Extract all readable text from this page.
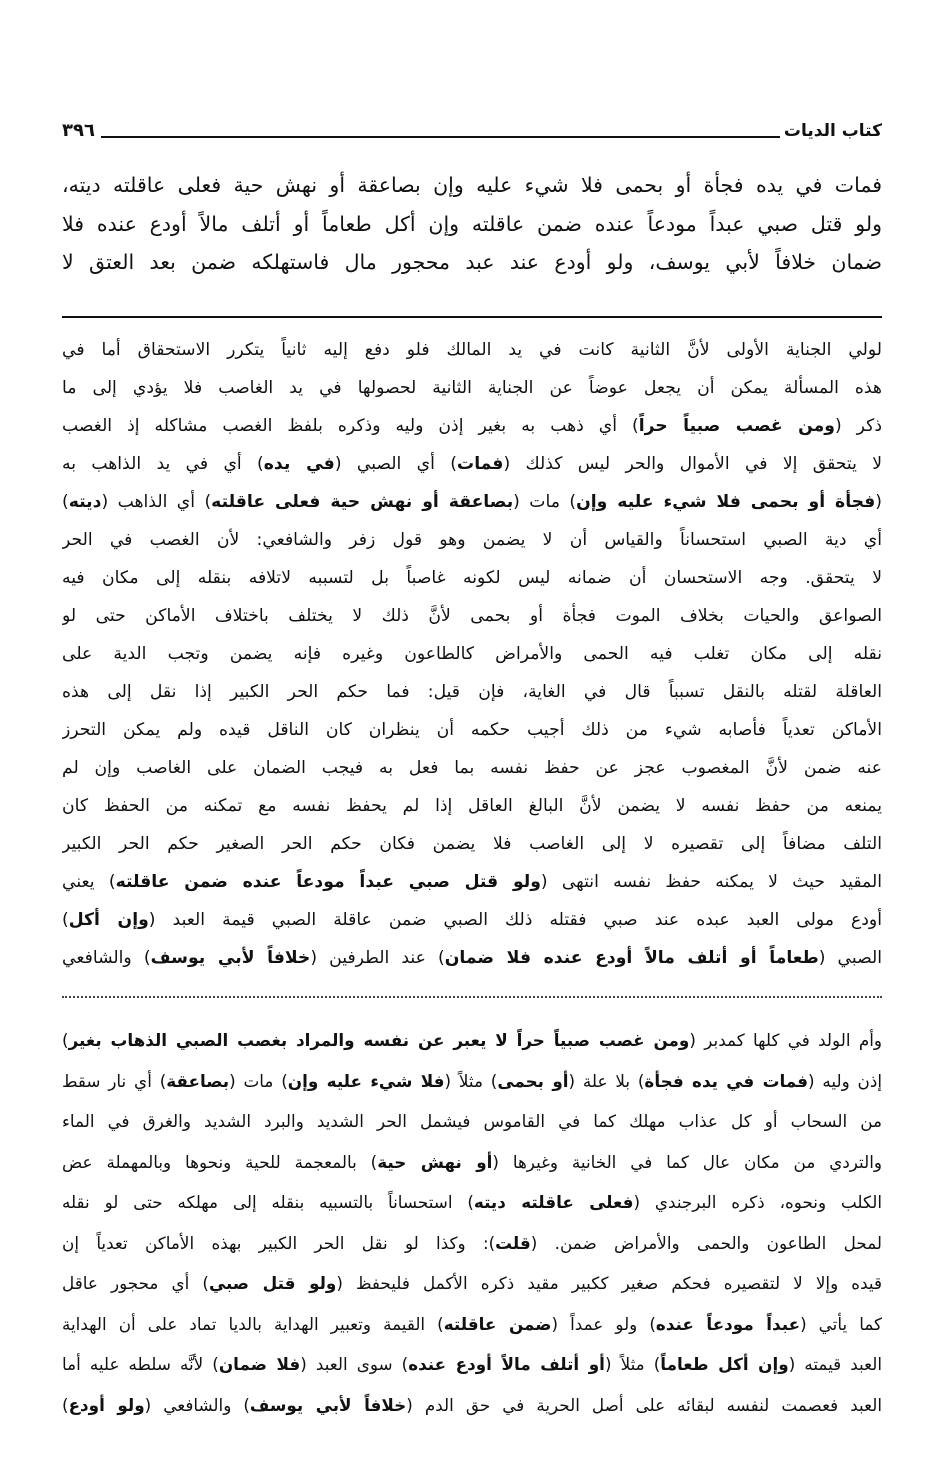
٣٩٦	كتاب الديات
فمات في يده فجأة أو بحمى فلا شيء عليه وإن بصاعقة أو نهش حية فعلى عاقلته ديته،
ولو قتل صبي عبداً مودعاً عنده ضمن عاقلته وإن أكل طعاماً أو أتلف مالاً أودع عنده فلا
ضمان خلافاً لأبي يوسف، ولو أودع عند عبد محجور مال فاستهلكه ضمن بعد العتق لا
لولي الجناية الأولى لأنَّ الثانية كانت في يد المالك فلو دفع إليه ثانياً يتكرر الاستحقاق أما في
هذه المسألة يمكن أن يجعل عوضاً عن الجناية الثانية لحصولها في يد الغاصب فلا يؤدي إلى ما
ذكر (ومن غصب صبياً حراً) أي ذهب به بغير إذن وليه وذكره بلفظ الغصب مشاكله إذ الغصب
لا يتحقق إلا في الأموال والحر ليس كذلك (فمات) أي الصبي (في يده) أي في يد الذاهب به
(فجأة أو بحمى فلا شيء عليه وإن) مات (بصاعقة أو نهش حية فعلى عاقلته) أي الذاهب (ديته)
أي دية الصبي استحساناً والقياس أن لا يضمن وهو قول زفر والشافعي: لأن الغصب في الحر
لا يتحقق. وجه الاستحسان أن ضمانه ليس لكونه غاصباً بل لتسببه لاتلافه بنقله إلى مكان فيه
الصواعق والحيات بخلاف الموت فجأة أو بحمى لأنَّ ذلك لا يختلف باختلاف الأماكن حتى لو
نقله إلى مكان تغلب فيه الحمى والأمراض كالطاعون وغيره فإنه يضمن وتجب الدية على
العاقلة لقتله بالنقل تسبباً قال في الغاية، فإن قيل: فما حكم الحر الكبير إذا نقل إلى هذه
الأماكن تعدياً فأصابه شيء من ذلك أجيب حكمه أن ينظران كان الناقل قيده ولم يمكن التحرز
عنه ضمن لأنَّ المغصوب عجز عن حفظ نفسه بما فعل به فيجب الضمان على الغاصب وإن لم
يمنعه من حفظ نفسه لا يضمن لأنَّ البالغ العاقل إذا لم يحفظ نفسه مع تمكنه من الحفظ كان
التلف مضافاً إلى تقصيره لا إلى الغاصب فلا يضمن فكان حكم الحر الصغير حكم الحر الكبير
المقيد حيث لا يمكنه حفظ نفسه انتهى (ولو قتل صبي عبداً مودعاً عنده ضمن عاقلته) يعني
أودع مولى العبد عبده عند صبي فقتله ذلك الصبي ضمن عاقلة الصبي قيمة العبد (وإن أكل)
الصبي (طعاماً أو أتلف مالاً أودع عنده فلا ضمان) عند الطرفين (خلافاً لأبي يوسف) والشافعي
وأم الولد في كلها كمدبر (ومن غصب صبياً حراً لا يعبر عن نفسه والمراد بغصب الصبي الذهاب بغير)
إذن وليه (فمات في يده فجأة) بلا علة (أو بحمى) مثلاً (فلا شيء عليه وإن) مات (بصاعقة) أي نار سقط
من السحاب أو كل عذاب مهلك كما في القاموس فيشمل الحر الشديد والبرد الشديد والغرق في الماء
والتردي من مكان عال كما في الخانية وغيرها (أو نهش حية) بالمعجمة للحية ونحوها وبالمهملة عض
الكلب ونحوه، ذكره البرجندي (فعلى عاقلته ديته) استحساناً بالتسبيه بنقله إلى مهلكه حتى لو نقله
لمحل الطاعون والحمى والأمراض ضمن. (قلت): وكذا لو نقل الحر الكبير بهذه الأماكن تعدياً إن
قيده وإلا لا لتقصيره فحكم صغير ككبير مقيد ذكره الأكمل فليحفظ (ولو قتل صبي) أي محجور عاقل
كما يأتي (عبداً مودعاً عنده) ولو عمداً (ضمن عاقلته) القيمة وتعبير الهداية بالديا تماد على أن الهداية
العبد قيمته (وإن أكل طعاماً) مثلاً (أو أتلف مالاً أودع عنده) سوى العبد (فلا ضمان) لأنَّه سلطه عليه أما
العبد فعصمت لنفسه لبقائه على أصل الحرية في حق الدم (خلافاً لأبي يوسف) والشافعي (ولو أودع)
